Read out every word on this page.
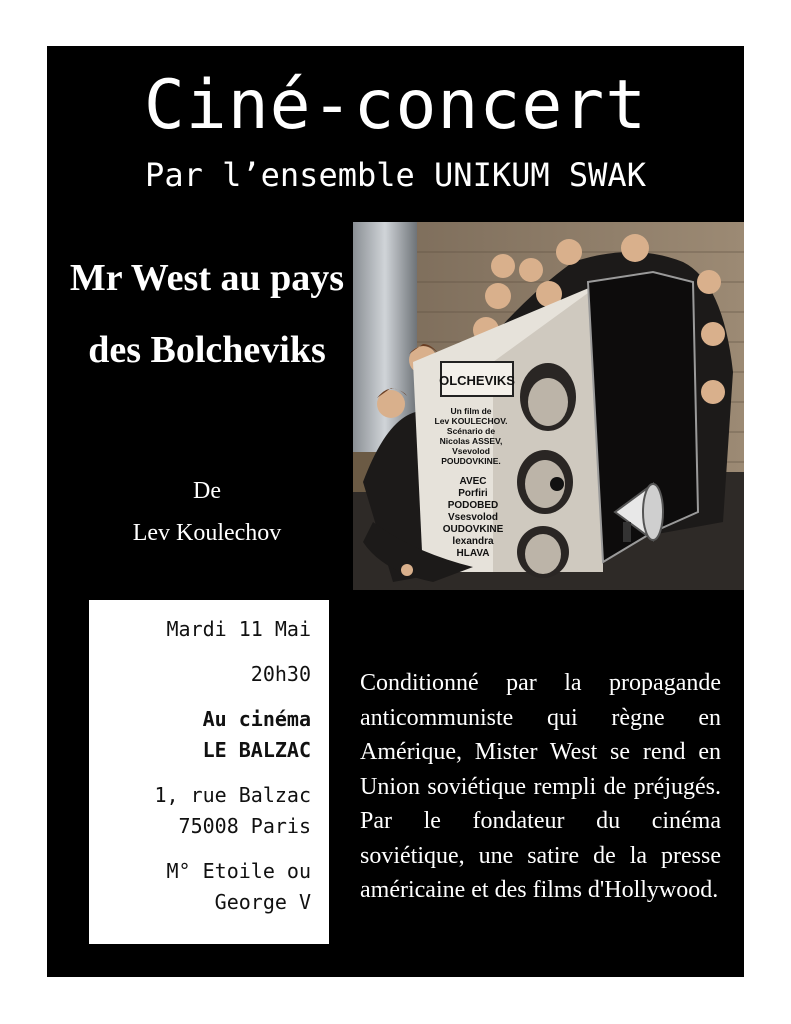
Ciné-concert
Par l’ensemble UNIKUM SWAK
Mr West au pays des Bolcheviks
De
Lev Koulechov
OLCHEVIKS
Un film de
Lev KOULECHOV.
Scénario de
Nicolas ASSEV,
Vsevolod
POUDOVKINE.
AVEC
Porfiri
PODOBED
Vsesvolod
OUDOVKINE
lexandra
HLAVA

Mardi 11 Mai

20h30

Au cinéma

LE BALZAC

1, rue Balzac

75008 Paris

M° Etoile ou

George V

Conditionné par la propagande anticommuniste qui règne en Amérique, Mister West se rend en Union soviétique rempli de préjugés. Par le fondateur du cinéma soviétique, une satire de la presse américaine et des films d'Hollywood.
